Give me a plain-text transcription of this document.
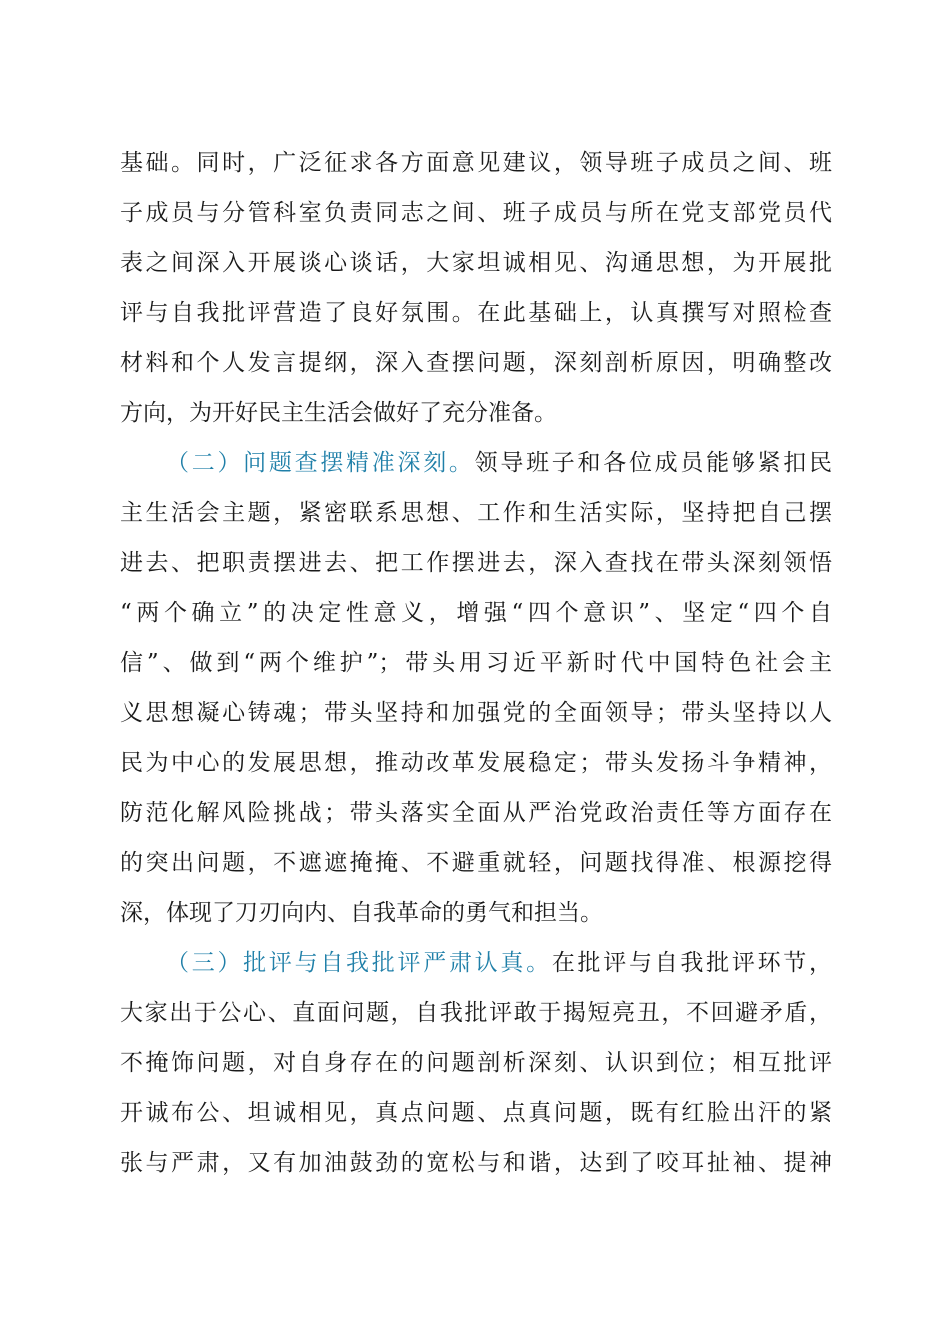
基础。同时，广泛征求各方面意见建议，领导班子成员之间、班
子成员与分管科室负责同志之间、班子成员与所在党支部党员代
表之间深入开展谈心谈话，大家坦诚相见、沟通思想，为开展批
评与自我批评营造了良好氛围。在此基础上，认真撰写对照检查
材料和个人发言提纲，深入查摆问题，深刻剖析原因，明确整改
方向，为开好民主生活会做好了充分准备。
（二）问题查摆精准深刻。领导班子和各位成员能够紧扣民
主生活会主题，紧密联系思想、工作和生活实际，坚持把自己摆
进去、把职责摆进去、把工作摆进去，深入查找在带头深刻领悟
“两个确立”的决定性意义，增强“四个意识”、坚定“四个自
信”、做到“两个维护”；带头用习近平新时代中国特色社会主
义思想凝心铸魂；带头坚持和加强党的全面领导；带头坚持以人
民为中心的发展思想，推动改革发展稳定；带头发扬斗争精神，
防范化解风险挑战；带头落实全面从严治党政治责任等方面存在
的突出问题，不遮遮掩掩、不避重就轻，问题找得准、根源挖得
深，体现了刀刃向内、自我革命的勇气和担当。
（三）批评与自我批评严肃认真。在批评与自我批评环节，
大家出于公心、直面问题，自我批评敢于揭短亮丑，不回避矛盾，
不掩饰问题，对自身存在的问题剖析深刻、认识到位；相互批评
开诚布公、坦诚相见，真点问题、点真问题，既有红脸出汗的紧
张与严肃，又有加油鼓劲的宽松与和谐，达到了咬耳扯袖、提神
